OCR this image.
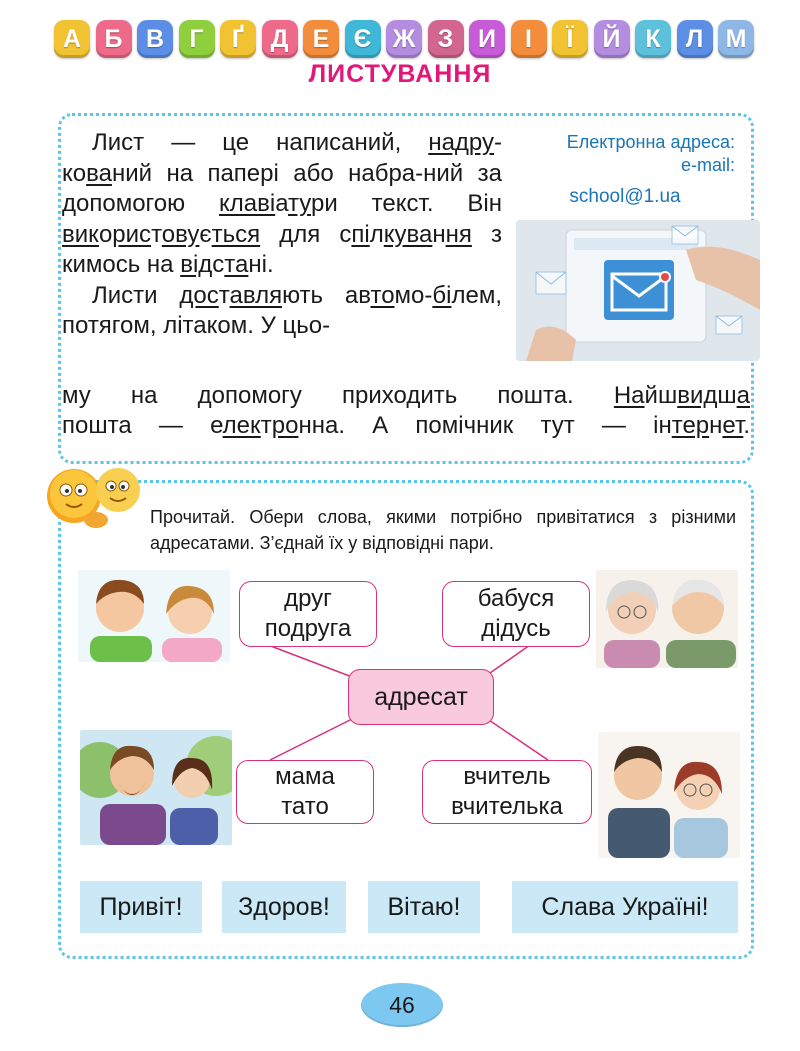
А Б В	Г	Ґ	Д Е Є Ж З И	І	Ї	Й К	Л М
ЛИСТУВАННЯ

Лист — це написаний, надру-кований на папері або набра-ний за допомогою клавіатури текст. Він використовується для спілкування з кимось на відстані.

Листи доставляють автомо-білем, потягом, літаком. У цьо-

му на допомогу приходить пошта. Найшвидша
пошта — електронна. А помічник тут — інтернет.
Електронна адреса:
e-mail:
school@1.ua
Прочитай. Обери слова, якими потрібно привітатися з різними адресатами. З’єднай їх у відповідні пари.
друг
подруга
бабуся
дідусь
адресат
мама
тато
вчитель
вчителька
Привіт!	Здоров!	Вітаю!	Слава Україні!
46
